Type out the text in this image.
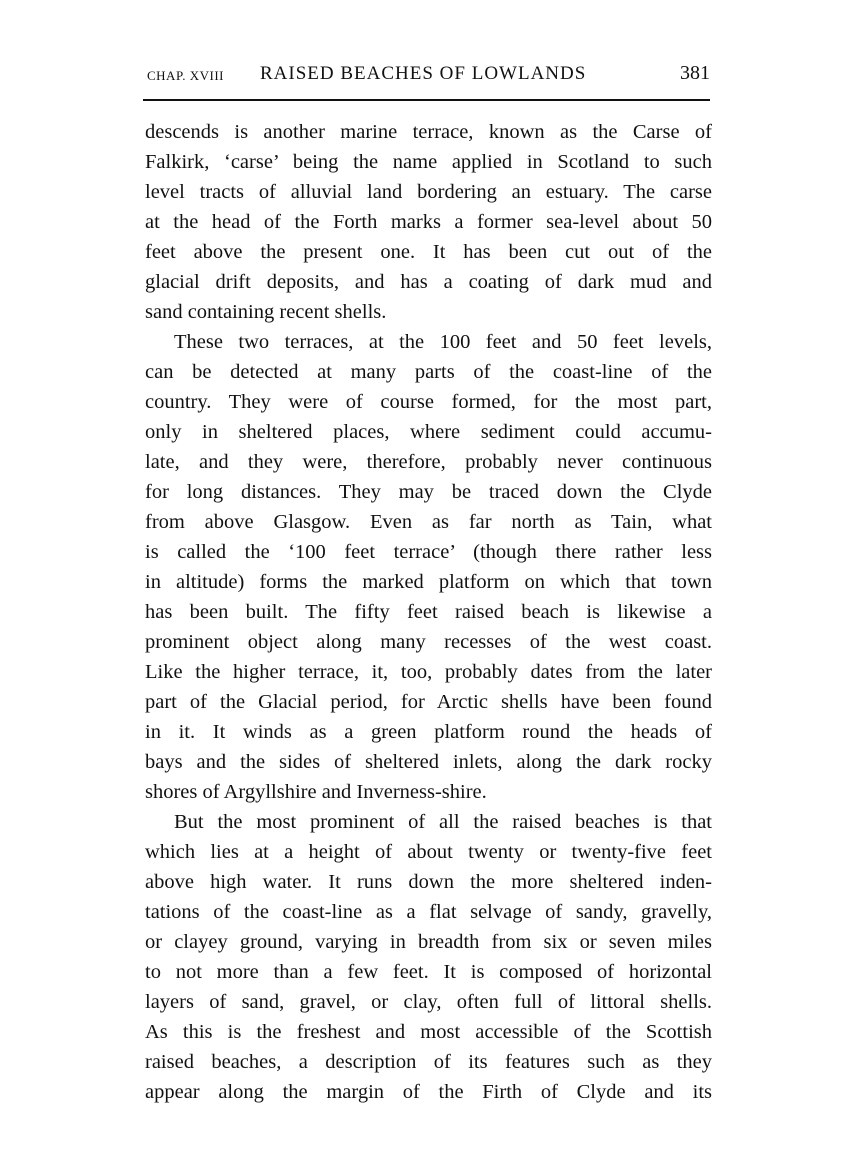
CHAP. XVIII RAISED BEACHES OF LOWLANDS	381
descends is another marine terrace, known as the Carse of
Falkirk, ‘carse’ being the name applied in Scotland to such
level tracts of alluvial land bordering an estuary. The carse
at the head of the Forth marks a former sea-level about 50
feet above the present one. It has been cut out of the
glacial drift deposits, and has a coating of dark mud and
sand containing recent shells.
These two terraces, at the 100 feet and 50 feet levels,
can be detected at many parts of the coast-line of the
country. They were of course formed, for the most part,
only in sheltered places, where sediment could accumu-
late, and they were, therefore, probably never continuous
for long distances. They may be traced down the Clyde
from above Glasgow. Even as far north as Tain, what
is called the ‘100 feet terrace’ (though there rather less
in altitude) forms the marked platform on which that town
has been built. The fifty feet raised beach is likewise a
prominent object along many recesses of the west coast.
Like the higher terrace, it, too, probably dates from the later
part of the Glacial period, for Arctic shells have been found
in it. It winds as a green platform round the heads of
bays and the sides of sheltered inlets, along the dark rocky
shores of Argyllshire and Inverness-shire.
But the most prominent of all the raised beaches is that
which lies at a height of about twenty or twenty-five feet
above high water. It runs down the more sheltered inden-
tations of the coast-line as a flat selvage of sandy, gravelly,
or clayey ground, varying in breadth from six or seven miles
to not more than a few feet. It is composed of horizontal
layers of sand, gravel, or clay, often full of littoral shells.
As this is the freshest and most accessible of the Scottish
raised beaches, a description of its features such as they
appear along the margin of the Firth of Clyde and its
